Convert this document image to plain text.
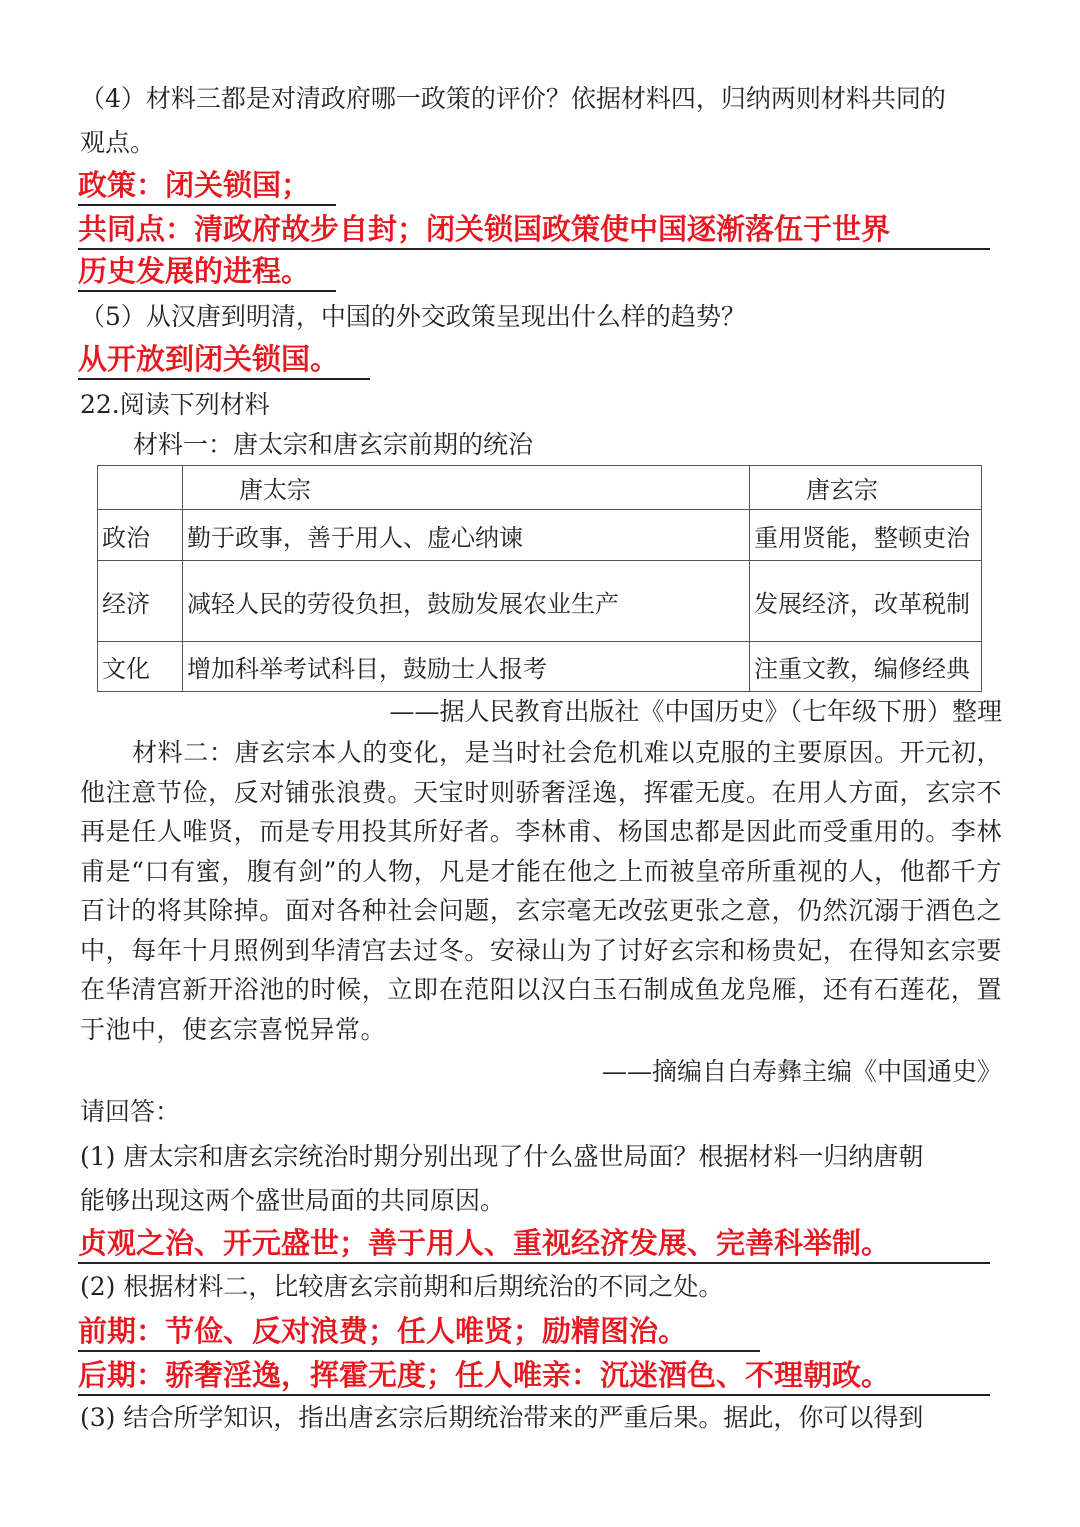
（4）材料三都是对清政府哪一政策的评价？依据材料四，归纳两则材料共同的
观点。
政策：闭关锁国；
共同点：清政府故步自封；闭关锁国政策使中国逐渐落伍于世界
历史发展的进程。
（5）从汉唐到明清，中国的外交政策呈现出什么样的趋势？
从开放到闭关锁国。
22.阅读下列材料
材料一：唐太宗和唐玄宗前期的统治
	唐太宗	唐玄宗
政治	勤于政事，善于用人、虚心纳谏	重用贤能，整顿吏治
经济	减轻人民的劳役负担，鼓励发展农业生产	发展经济，改革税制
文化	增加科举考试科目，鼓励士人报考	注重文教，编修经典
——据人民教育出版社《中国历史》（七年级下册）整理
材料二：唐玄宗本人的变化，是当时社会危机难以克服的主要原因。开元初，他注意节俭，反对铺张浪费。天宝时则骄奢淫逸，挥霍无度。在用人方面，玄宗不再是任人唯贤，而是专用投其所好者。李林甫、杨国忠都是因此而受重用的。李林甫是“口有蜜，腹有剑”的人物，凡是才能在他之上而被皇帝所重视的人，他都千方百计的将其除掉。面对各种社会问题，玄宗毫无改弦更张之意，仍然沉溺于酒色之中，每年十月照例到华清宫去过冬。安禄山为了讨好玄宗和杨贵妃，在得知玄宗要在华清宫新开浴池的时候，立即在范阳以汉白玉石制成鱼龙凫雁，还有石莲花，置于池中，使玄宗喜悦异常。
——摘编自白寿彝主编《中国通史》
请回答：
(1) 唐太宗和唐玄宗统治时期分别出现了什么盛世局面？根据材料一归纳唐朝
能够出现这两个盛世局面的共同原因。
贞观之治、开元盛世；善于用人、重视经济发展、完善科举制。
(2) 根据材料二，比较唐玄宗前期和后期统治的不同之处。
前期：节俭、反对浪费；任人唯贤；励精图治。
后期：骄奢淫逸，挥霍无度；任人唯亲：沉迷酒色、不理朝政。
(3) 结合所学知识，指出唐玄宗后期统治带来的严重后果。据此，你可以得到
